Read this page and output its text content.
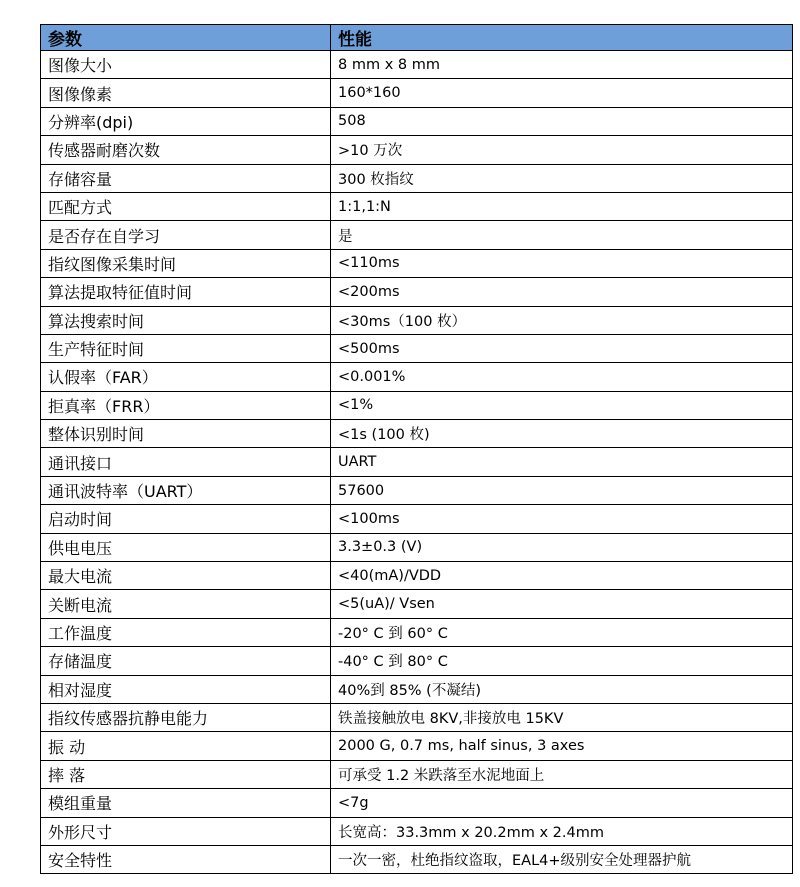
参数	性能
图像大小	8 mm x 8 mm
图像像素	160*160
分辨率(dpi)	508
传感器耐磨次数	>10 万次
存储容量	300 枚指纹
匹配方式	1:1,1:N
是否存在自学习	是
指纹图像采集时间	<110ms
算法提取特征值时间	<200ms
算法搜索时间	<30ms（100 枚）
生产特征时间	<500ms
认假率（FAR）	<0.001%
拒真率（FRR）	<1%
整体识别时间	<1s (100 枚)
通讯接口	UART
通讯波特率（UART）	57600
启动时间	<100ms
供电电压	3.3±0.3 (V)
最大电流	<40(mA)/VDD
关断电流	<5(uA)/ Vsen
工作温度	-20° C 到 60° C
存储温度	-40° C 到 80° C
相对湿度	40%到 85% (不凝结)
指纹传感器抗静电能力	铁盖接触放电 8KV,非接放电 15KV
振 动	2000 G, 0.7 ms, half sinus, 3 axes
摔 落	可承受 1.2 米跌落至水泥地面上
模组重量	<7g
外形尺寸	长宽高：33.3mm x 20.2mm x 2.4mm
安全特性	一次一密，杜绝指纹盗取，EAL4+级别安全处理器护航
